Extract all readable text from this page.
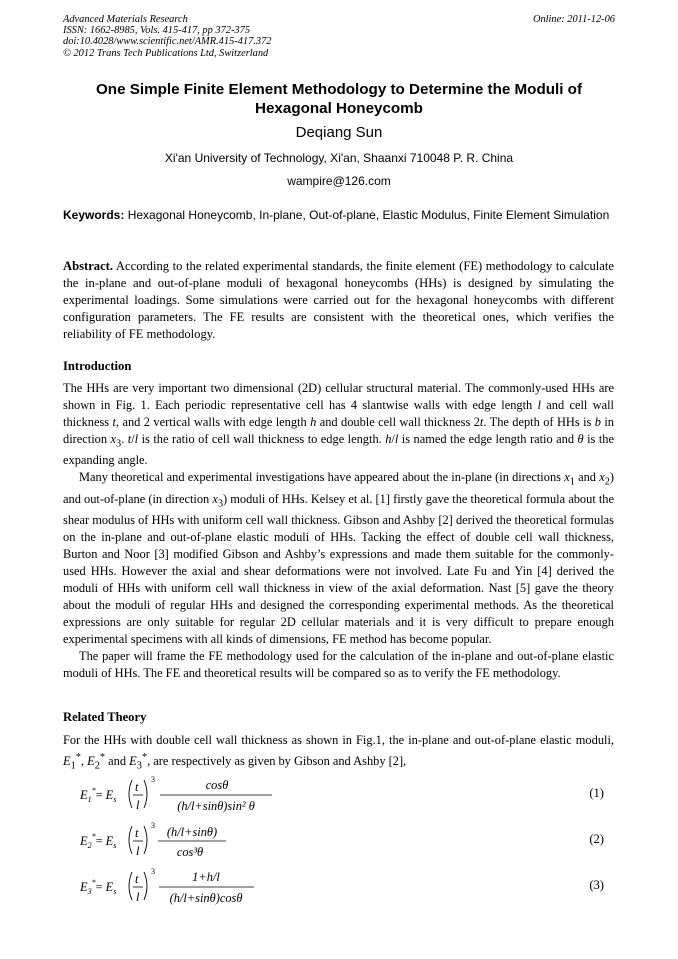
Advanced Materials Research
ISSN: 1662-8985, Vols. 415-417, pp 372-375
doi:10.4028/www.scientific.net/AMR.415-417.372
© 2012 Trans Tech Publications Ltd, Switzerland
Online: 2011-12-06
One Simple Finite Element Methodology to Determine the Moduli of
Hexagonal Honeycomb
Deqiang Sun
Xi'an University of Technology, Xi'an, Shaanxi 710048 P. R. China
wampire@126.com
Keywords: Hexagonal Honeycomb, In-plane, Out-of-plane, Elastic Modulus, Finite Element Simulation
Abstract. According to the related experimental standards, the finite element (FE) methodology to calculate the in-plane and out-of-plane moduli of hexagonal honeycombs (HHs) is designed by simulating the experimental loadings. Some simulations were carried out for the hexagonal honeycombs with different configuration parameters. The FE results are consistent with the theoretical ones, which verifies the reliability of FE methodology.
Introduction

The HHs are very important two dimensional (2D) cellular structural material. The commonly-used HHs are shown in Fig. 1. Each periodic representative cell has 4 slantwise walls with edge length l and cell wall thickness t, and 2 vertical walls with edge length h and double cell wall thickness 2t. The depth of HHs is b in direction $x_3$. t/l is the ratio of cell wall thickness to edge length. h/l is named the edge length ratio and θ is the expanding angle.

Many theoretical and experimental investigations have appeared about the in-plane (in directions $x_1$ and $x_2$) and out-of-plane (in direction $x_3$) moduli of HHs. Kelsey et al. [1] firstly gave the theoretical formula about the shear modulus of HHs with uniform cell wall thickness. Gibson and Ashby [2] derived the theoretical formulas on the in-plane and out-of-plane elastic moduli of HHs. Tacking the effect of double cell wall thickness, Burton and Noor [3] modified Gibson and Ashby’s expressions and made them suitable for the commonly-used HHs. However the axial and shear deformations were not involved. Late Fu and Yin [4] derived the moduli of HHs with uniform cell wall thickness in view of the axial deformation. Nast [5] gave the theory about the moduli of regular HHs and designed the corresponding experimental methods. As the theoretical expressions are only suitable for regular 2D cellular materials and it is very difficult to prepare enough experimental specimens with all kinds of dimensions, FE method has become popular.

The paper will frame the FE methodology used for the calculation of the in-plane and out-of-plane elastic moduli of HHs. The FE and theoretical results will be compared so as to verify the FE methodology.

Related Theory
For the HHs with double cell wall thickness as shown in Fig.1, the in-plane and out-of-plane elastic moduli, $E_1^*$, $E_2^*$ and $E_3^*$, are respectively as given by Gibson and Ashby [2],
$E_1^*= E_s$
t
l
3	cosθ
(h/l+sinθ)sin² θ
(1)
$E_2^*= E_s$
t
l
3 (h/l+sinθ)
cos³θ
(2)
$E_3^*= E_s$
t
l
3	1+h/l
(h/l+sinθ)cosθ
(3)
